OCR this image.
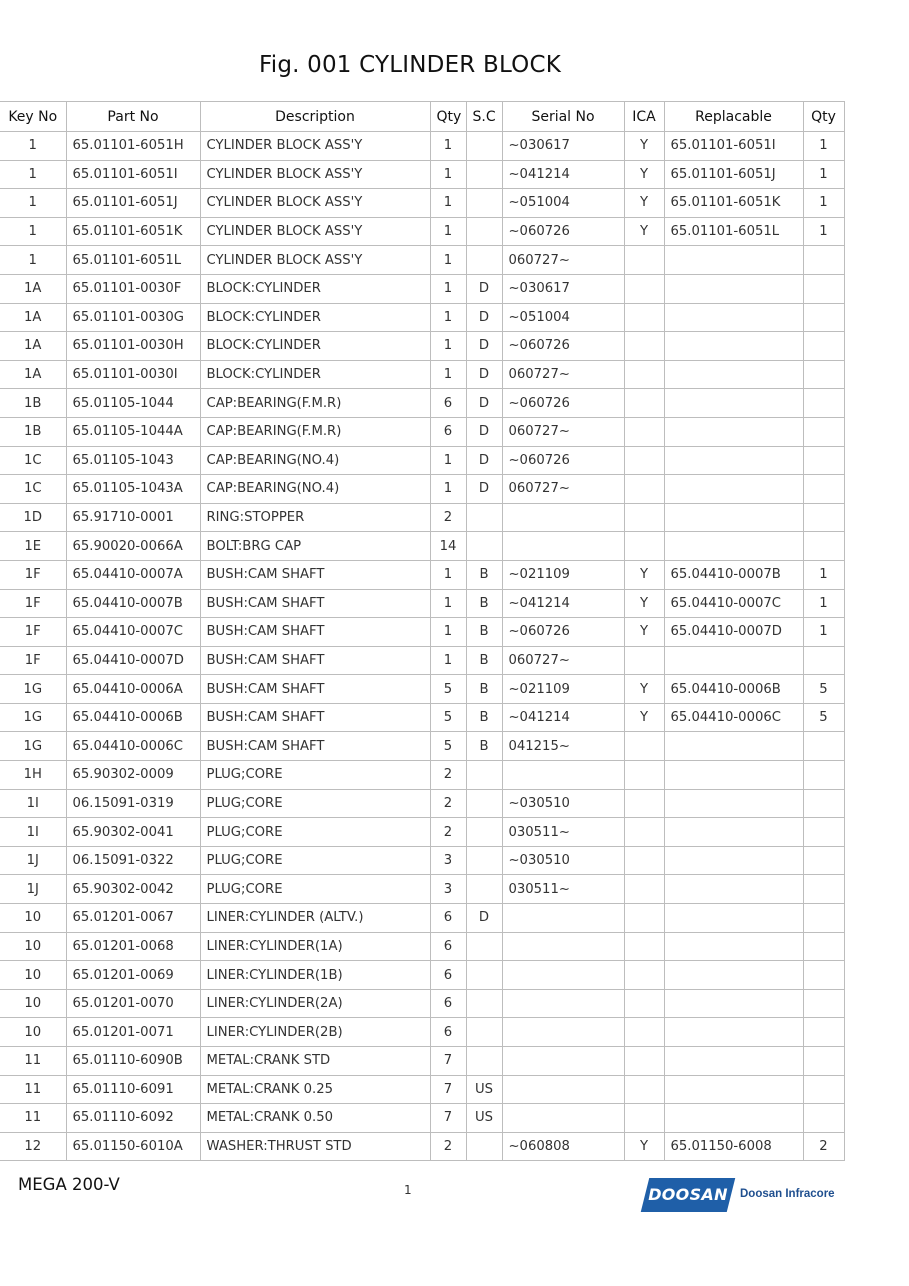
Fig. 001 CYLINDER BLOCK
Key No	Part No	Description	Qty	S.C	Serial No	ICA	Replacable	Qty
1	65.01101-6051H	CYLINDER BLOCK ASS'Y	1		~030617	Y	65.01101-6051I	1
1	65.01101-6051I	CYLINDER BLOCK ASS'Y	1		~041214	Y	65.01101-6051J	1
1	65.01101-6051J	CYLINDER BLOCK ASS'Y	1		~051004	Y	65.01101-6051K	1
1	65.01101-6051K	CYLINDER BLOCK ASS'Y	1		~060726	Y	65.01101-6051L	1
1	65.01101-6051L	CYLINDER BLOCK ASS'Y	1		060727~			
1A	65.01101-0030F	BLOCK:CYLINDER	1	D	~030617			
1A	65.01101-0030G	BLOCK:CYLINDER	1	D	~051004			
1A	65.01101-0030H	BLOCK:CYLINDER	1	D	~060726			
1A	65.01101-0030I	BLOCK:CYLINDER	1	D	060727~			
1B	65.01105-1044	CAP:BEARING(F.M.R)	6	D	~060726			
1B	65.01105-1044A	CAP:BEARING(F.M.R)	6	D	060727~			
1C	65.01105-1043	CAP:BEARING(NO.4)	1	D	~060726			
1C	65.01105-1043A	CAP:BEARING(NO.4)	1	D	060727~			
1D	65.91710-0001	RING:STOPPER	2					
1E	65.90020-0066A	BOLT:BRG CAP	14					
1F	65.04410-0007A	BUSH:CAM SHAFT	1	B	~021109	Y	65.04410-0007B	1
1F	65.04410-0007B	BUSH:CAM SHAFT	1	B	~041214	Y	65.04410-0007C	1
1F	65.04410-0007C	BUSH:CAM SHAFT	1	B	~060726	Y	65.04410-0007D	1
1F	65.04410-0007D	BUSH:CAM SHAFT	1	B	060727~			
1G	65.04410-0006A	BUSH:CAM SHAFT	5	B	~021109	Y	65.04410-0006B	5
1G	65.04410-0006B	BUSH:CAM SHAFT	5	B	~041214	Y	65.04410-0006C	5
1G	65.04410-0006C	BUSH:CAM SHAFT	5	B	041215~			
1H	65.90302-0009	PLUG;CORE	2					
1I	06.15091-0319	PLUG;CORE	2		~030510			
1I	65.90302-0041	PLUG;CORE	2		030511~			
1J	06.15091-0322	PLUG;CORE	3		~030510			
1J	65.90302-0042	PLUG;CORE	3		030511~			
10	65.01201-0067	LINER:CYLINDER (ALTV.)	6	D				
10	65.01201-0068	LINER:CYLINDER(1A)	6					
10	65.01201-0069	LINER:CYLINDER(1B)	6					
10	65.01201-0070	LINER:CYLINDER(2A)	6					
10	65.01201-0071	LINER:CYLINDER(2B)	6					
11	65.01110-6090B	METAL:CRANK STD	7					
11	65.01110-6091	METAL:CRANK 0.25	7	US				
11	65.01110-6092	METAL:CRANK 0.50	7	US				
12	65.01150-6010A	WASHER:THRUST STD	2		~060808	Y	65.01150-6008	2
MEGA 200-V	1	DOOSAN Doosan Infracore
